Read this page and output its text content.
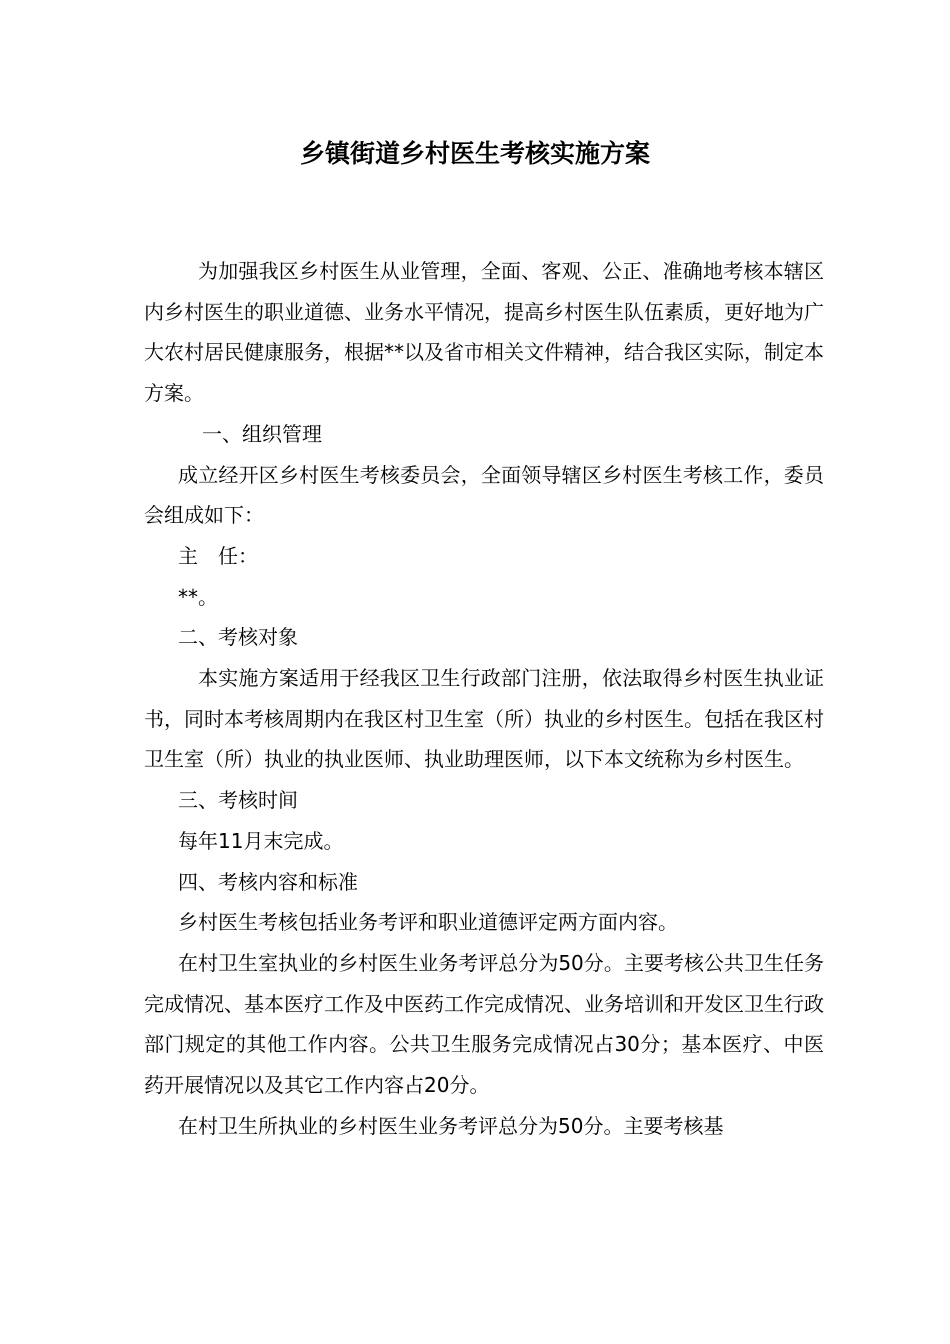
乡镇街道乡村医生考核实施方案

为加强我区乡村医生从业管理，全面、客观、公正、准确地考核本辖区内乡村医生的职业道德、业务水平情况，提高乡村医生队伍素质，更好地为广大农村居民健康服务，根据**以及省市相关文件精神，结合我区实际，制定本方案。

一、组织管理

成立经开区乡村医生考核委员会，全面领导辖区乡村医生考核工作，委员会组成如下：

主　任：

**。

二、考核对象

本实施方案适用于经我区卫生行政部门注册，依法取得乡村医生执业证书，同时本考核周期内在我区村卫生室（所）执业的乡村医生。包括在我区村卫生室（所）执业的执业医师、执业助理医师，以下本文统称为乡村医生。

三、考核时间

每年11月末完成。

四、考核内容和标准

乡村医生考核包括业务考评和职业道德评定两方面内容。

在村卫生室执业的乡村医生业务考评总分为50分。主要考核公共卫生任务完成情况、基本医疗工作及中医药工作完成情况、业务培训和开发区卫生行政部门规定的其他工作内容。公共卫生服务完成情况占30分；基本医疗、中医药开展情况以及其它工作内容占20分。

在村卫生所执业的乡村医生业务考评总分为50分。主要考核基
